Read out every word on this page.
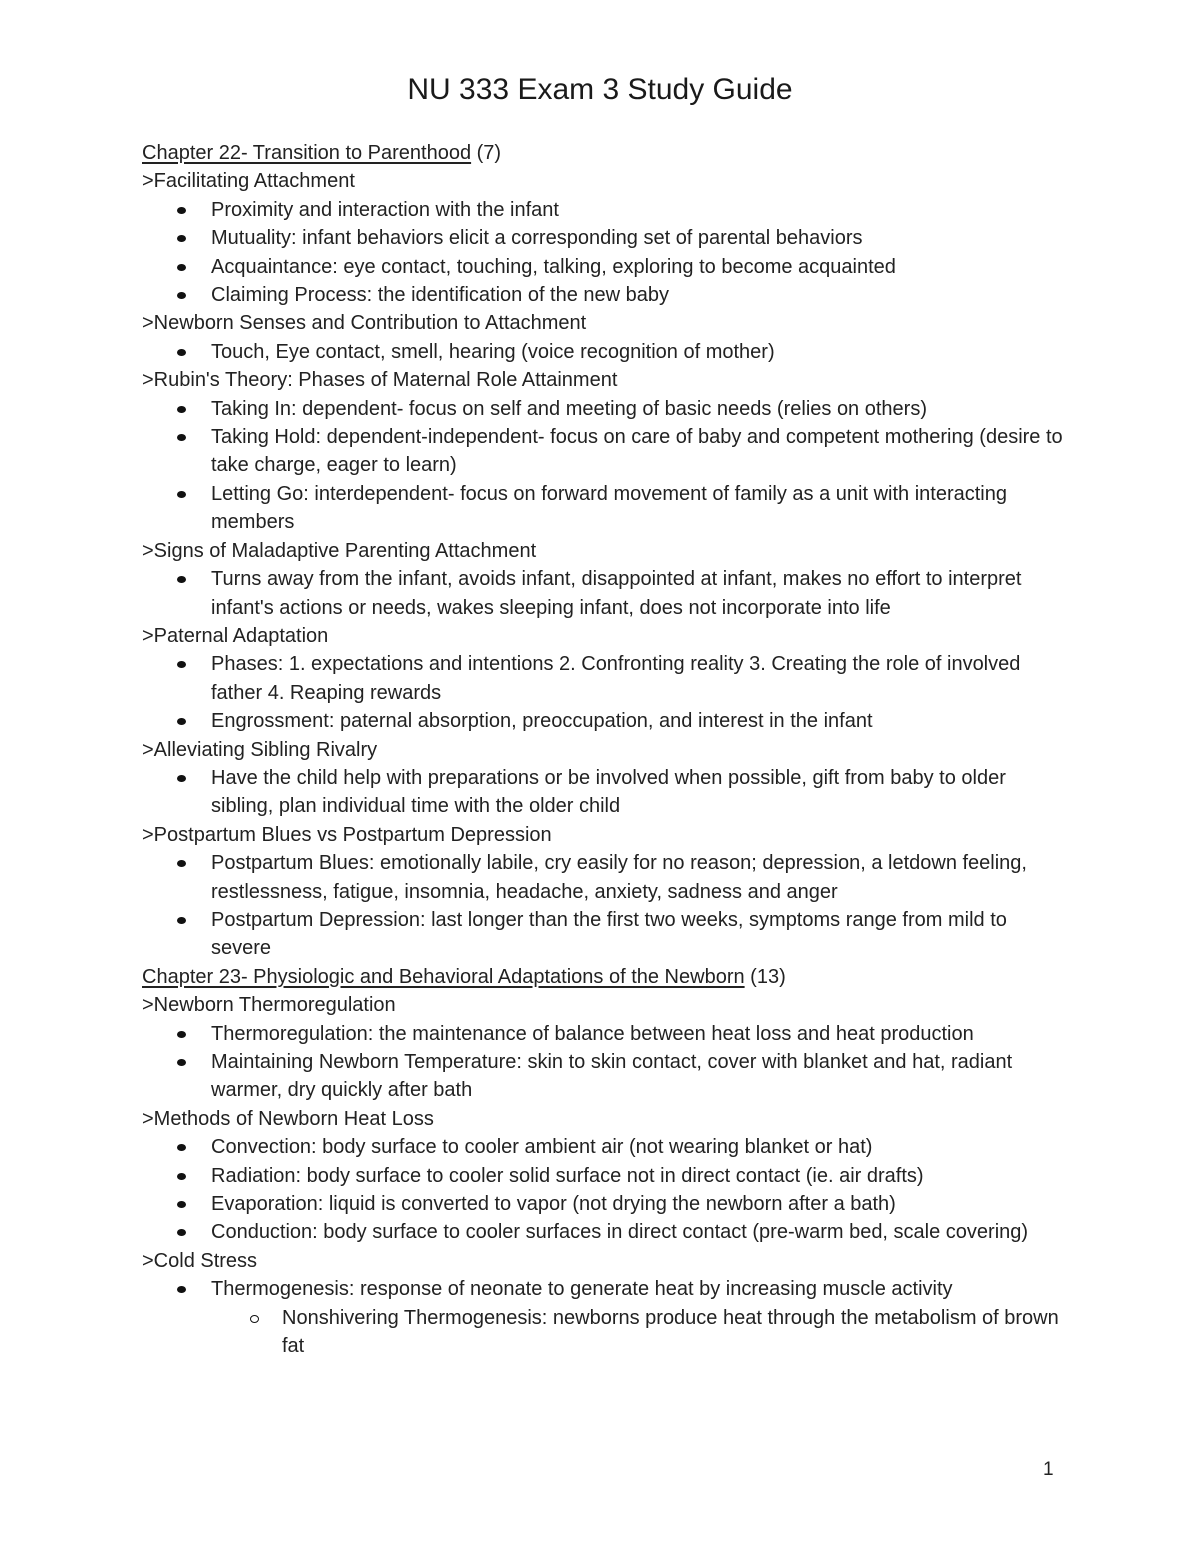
NU 333 Exam 3 Study Guide
Chapter 22- Transition to Parenthood (7)
>Facilitating Attachment
Proximity and interaction with the infant
Mutuality: infant behaviors elicit a corresponding set of parental behaviors
Acquaintance: eye contact, touching, talking, exploring to become acquainted
Claiming Process: the identification of the new baby
>Newborn Senses and Contribution to Attachment
Touch, Eye contact, smell, hearing (voice recognition of mother)
>Rubin's Theory: Phases of Maternal Role Attainment
Taking In: dependent- focus on self and meeting of basic needs (relies on others)
Taking Hold: dependent-independent- focus on care of baby and competent mothering (desire to take charge, eager to learn)
Letting Go: interdependent- focus on forward movement of family as a unit with interacting members
>Signs of Maladaptive Parenting Attachment
Turns away from the infant, avoids infant, disappointed at infant, makes no effort to interpret infant's actions or needs, wakes sleeping infant, does not incorporate into life
>Paternal Adaptation
Phases: 1. expectations and intentions 2. Confronting reality 3. Creating the role of involved father 4. Reaping rewards
Engrossment: paternal absorption, preoccupation, and interest in the infant
>Alleviating Sibling Rivalry
Have the child help with preparations or be involved when possible, gift from baby to older sibling, plan individual time with the older child
>Postpartum Blues vs Postpartum Depression
Postpartum Blues: emotionally labile, cry easily for no reason; depression, a letdown feeling, restlessness, fatigue, insomnia, headache, anxiety, sadness and anger
Postpartum Depression: last longer than the first two weeks, symptoms range from mild to severe
Chapter 23- Physiologic and Behavioral Adaptations of the Newborn (13)
>Newborn Thermoregulation
Thermoregulation: the maintenance of balance between heat loss and heat production
Maintaining Newborn Temperature: skin to skin contact, cover with blanket and hat, radiant warmer, dry quickly after bath
>Methods of Newborn Heat Loss
Convection: body surface to cooler ambient air (not wearing blanket or hat)
Radiation: body surface to cooler solid surface not in direct contact (ie. air drafts)
Evaporation: liquid is converted to vapor (not drying the newborn after a bath)
Conduction: body surface to cooler surfaces in direct contact (pre-warm bed, scale covering)
>Cold Stress
Thermogenesis: response of neonate to generate heat by increasing muscle activity
Nonshivering Thermogenesis: newborns produce heat through the metabolism of brown fat
1
